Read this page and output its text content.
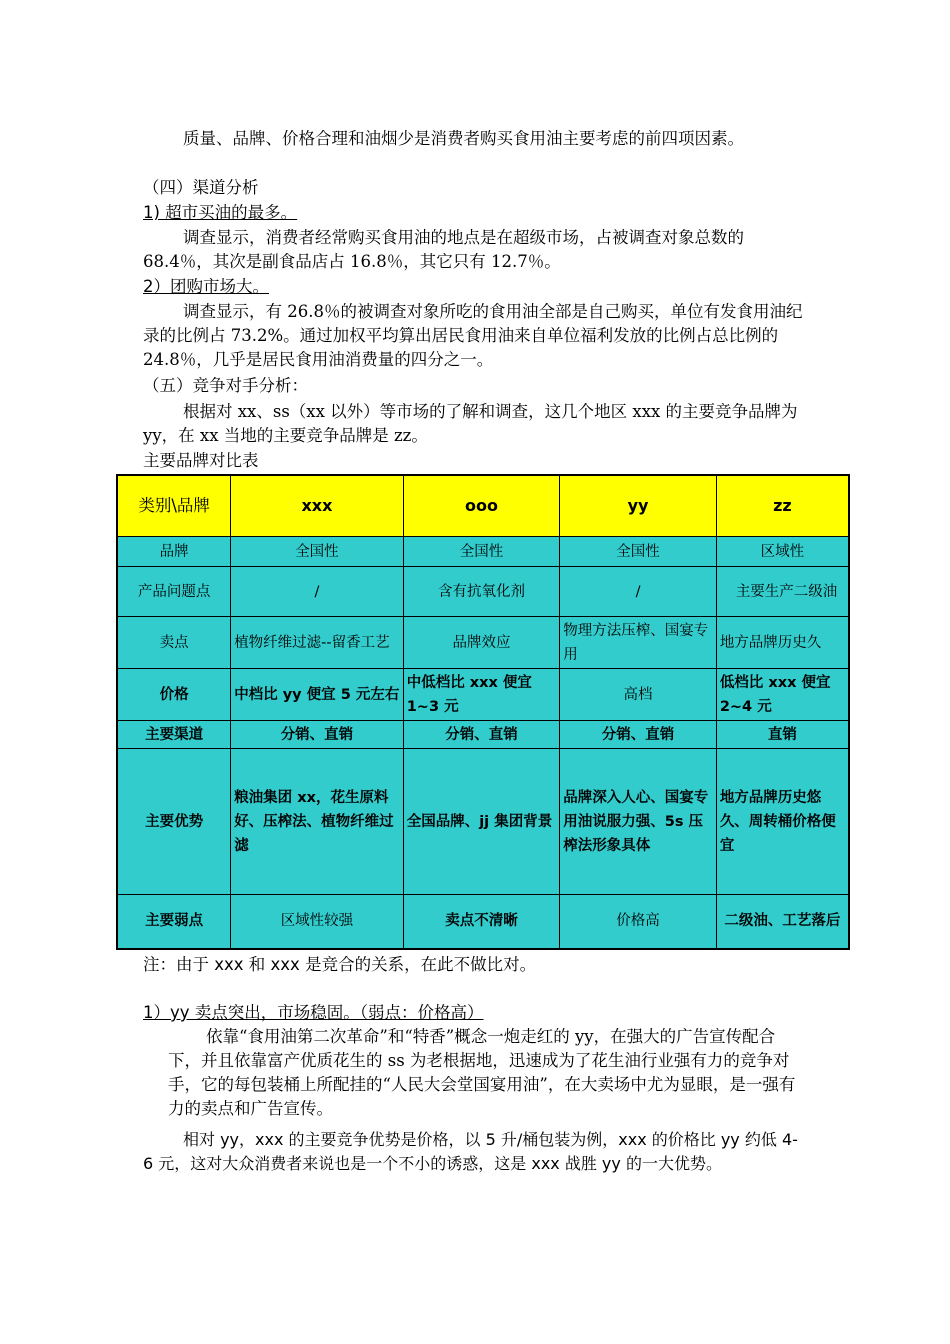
质量、品牌、价格合理和油烟少是消费者购买食用油主要考虑的前四项因素。

（四）渠道分析

1) 超市买油的最多。

调查显示，消费者经常购买食用油的地点是在超级市场，占被调查对象总数的 68.4％，其次是副食品店占 16.8％，其它只有 12.7％。

2）团购市场大。

调查显示，有 26.8％的被调查对象所吃的食用油全部是自己购买，单位有发食用油纪录的比例占 73.2%。通过加权平均算出居民食用油来自单位福利发放的比例占总比例的 24.8％，几乎是居民食用油消费量的四分之一。

（五）竞争对手分析：

根据对 xx、ss（xx 以外）等市场的了解和调查，这几个地区 xxx 的主要竞争品牌为 yy，在 xx 当地的主要竞争品牌是 zz。

主要品牌对比表

类别\品牌	xxx	ooo	yy	zz
品牌	全国性	全国性	全国性	区域性
产品问题点	/	含有抗氧化剂	/	主要生产二级油
卖点	植物纤维过滤--留香工艺	品牌效应	物理方法压榨、国宴专用	地方品牌历史久
价格	中档比 yy 便宜 5 元左右	中低档比 xxx 便宜 1~3 元	高档	低档比 xxx 便宜 2~4 元
主要渠道	分销、直销	分销、直销	分销、直销	直销
主要优势	粮油集团 xx，花生原料好、压榨法、植物纤维过滤	全国品牌、jj 集团背景	品牌深入人心、国宴专用油说服力强、5s 压榨法形象具体	地方品牌历史悠久、周转桶价格便宜
主要弱点	区域性较强	卖点不清晰	价格高	二级油、工艺落后

注：由于 xxx 和 xxx 是竞合的关系，在此不做比对。

1）yy 卖点突出，市场稳固。（弱点：价格高）

依靠“食用油第二次革命”和“特香”概念一炮走红的 yy，在强大的广告宣传配合下，并且依靠富产优质花生的 ss 为老根据地，迅速成为了花生油行业强有力的竞争对手，它的每包装桶上所配挂的“人民大会堂国宴用油”，在大卖场中尤为显眼，是一强有力的卖点和广告宣传。

相对 yy，xxx 的主要竞争优势是价格，以 5 升/桶包装为例，xxx 的价格比 yy 约低 4-6 元，这对大众消费者来说也是一个不小的诱惑，这是 xxx 战胜 yy 的一大优势。
